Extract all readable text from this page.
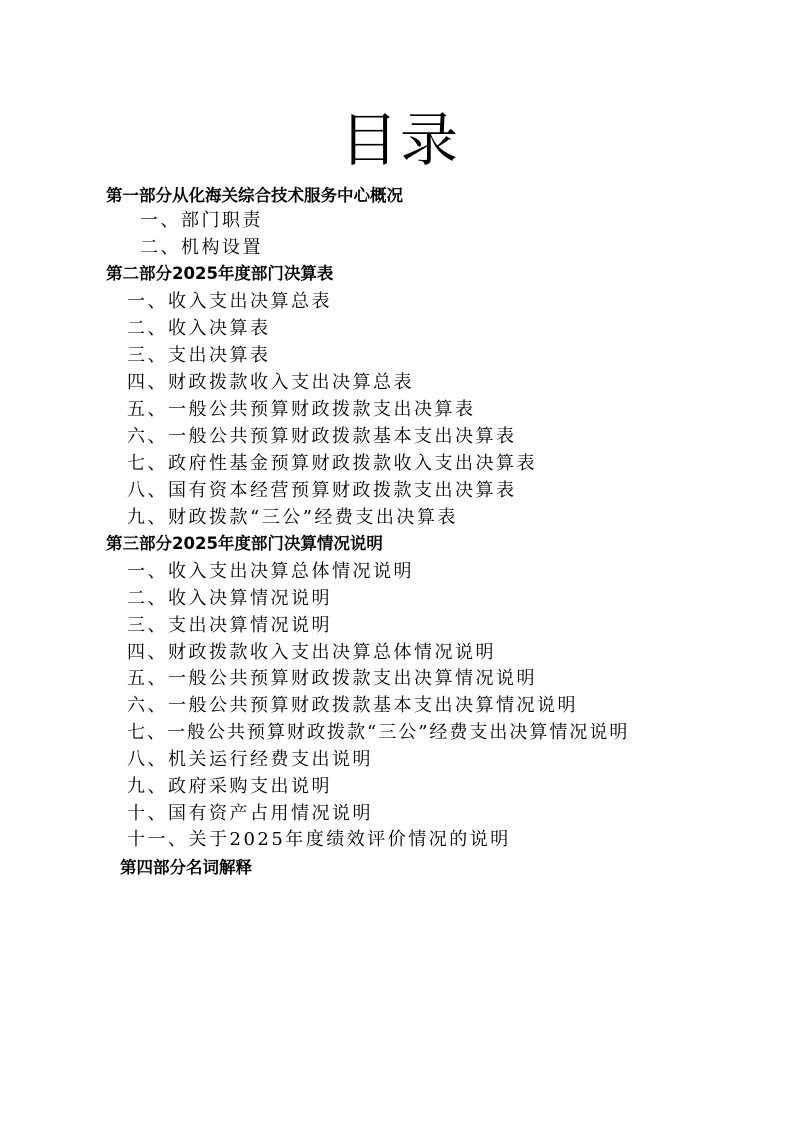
目录
第一部分从化海关综合技术服务中心概况
一、部门职责
二、机构设置
第二部分2025年度部门决算表
一、收入支出决算总表
二、收入决算表
三、支出决算表
四、财政拨款收入支出决算总表
五、一般公共预算财政拨款支出决算表
六、一般公共预算财政拨款基本支出决算表
七、政府性基金预算财政拨款收入支出决算表
八、国有资本经营预算财政拨款支出决算表
九、财政拨款“三公”经费支出决算表
第三部分2025年度部门决算情况说明
一、收入支出决算总体情况说明
二、收入决算情况说明
三、支出决算情况说明
四、财政拨款收入支出决算总体情况说明
五、一般公共预算财政拨款支出决算情况说明
六、一般公共预算财政拨款基本支出决算情况说明
七、一般公共预算财政拨款“三公”经费支出决算情况说明
八、机关运行经费支出说明
九、政府采购支出说明
十、国有资产占用情况说明
十一、关于2025年度绩效评价情况的说明
第四部分名词解释
